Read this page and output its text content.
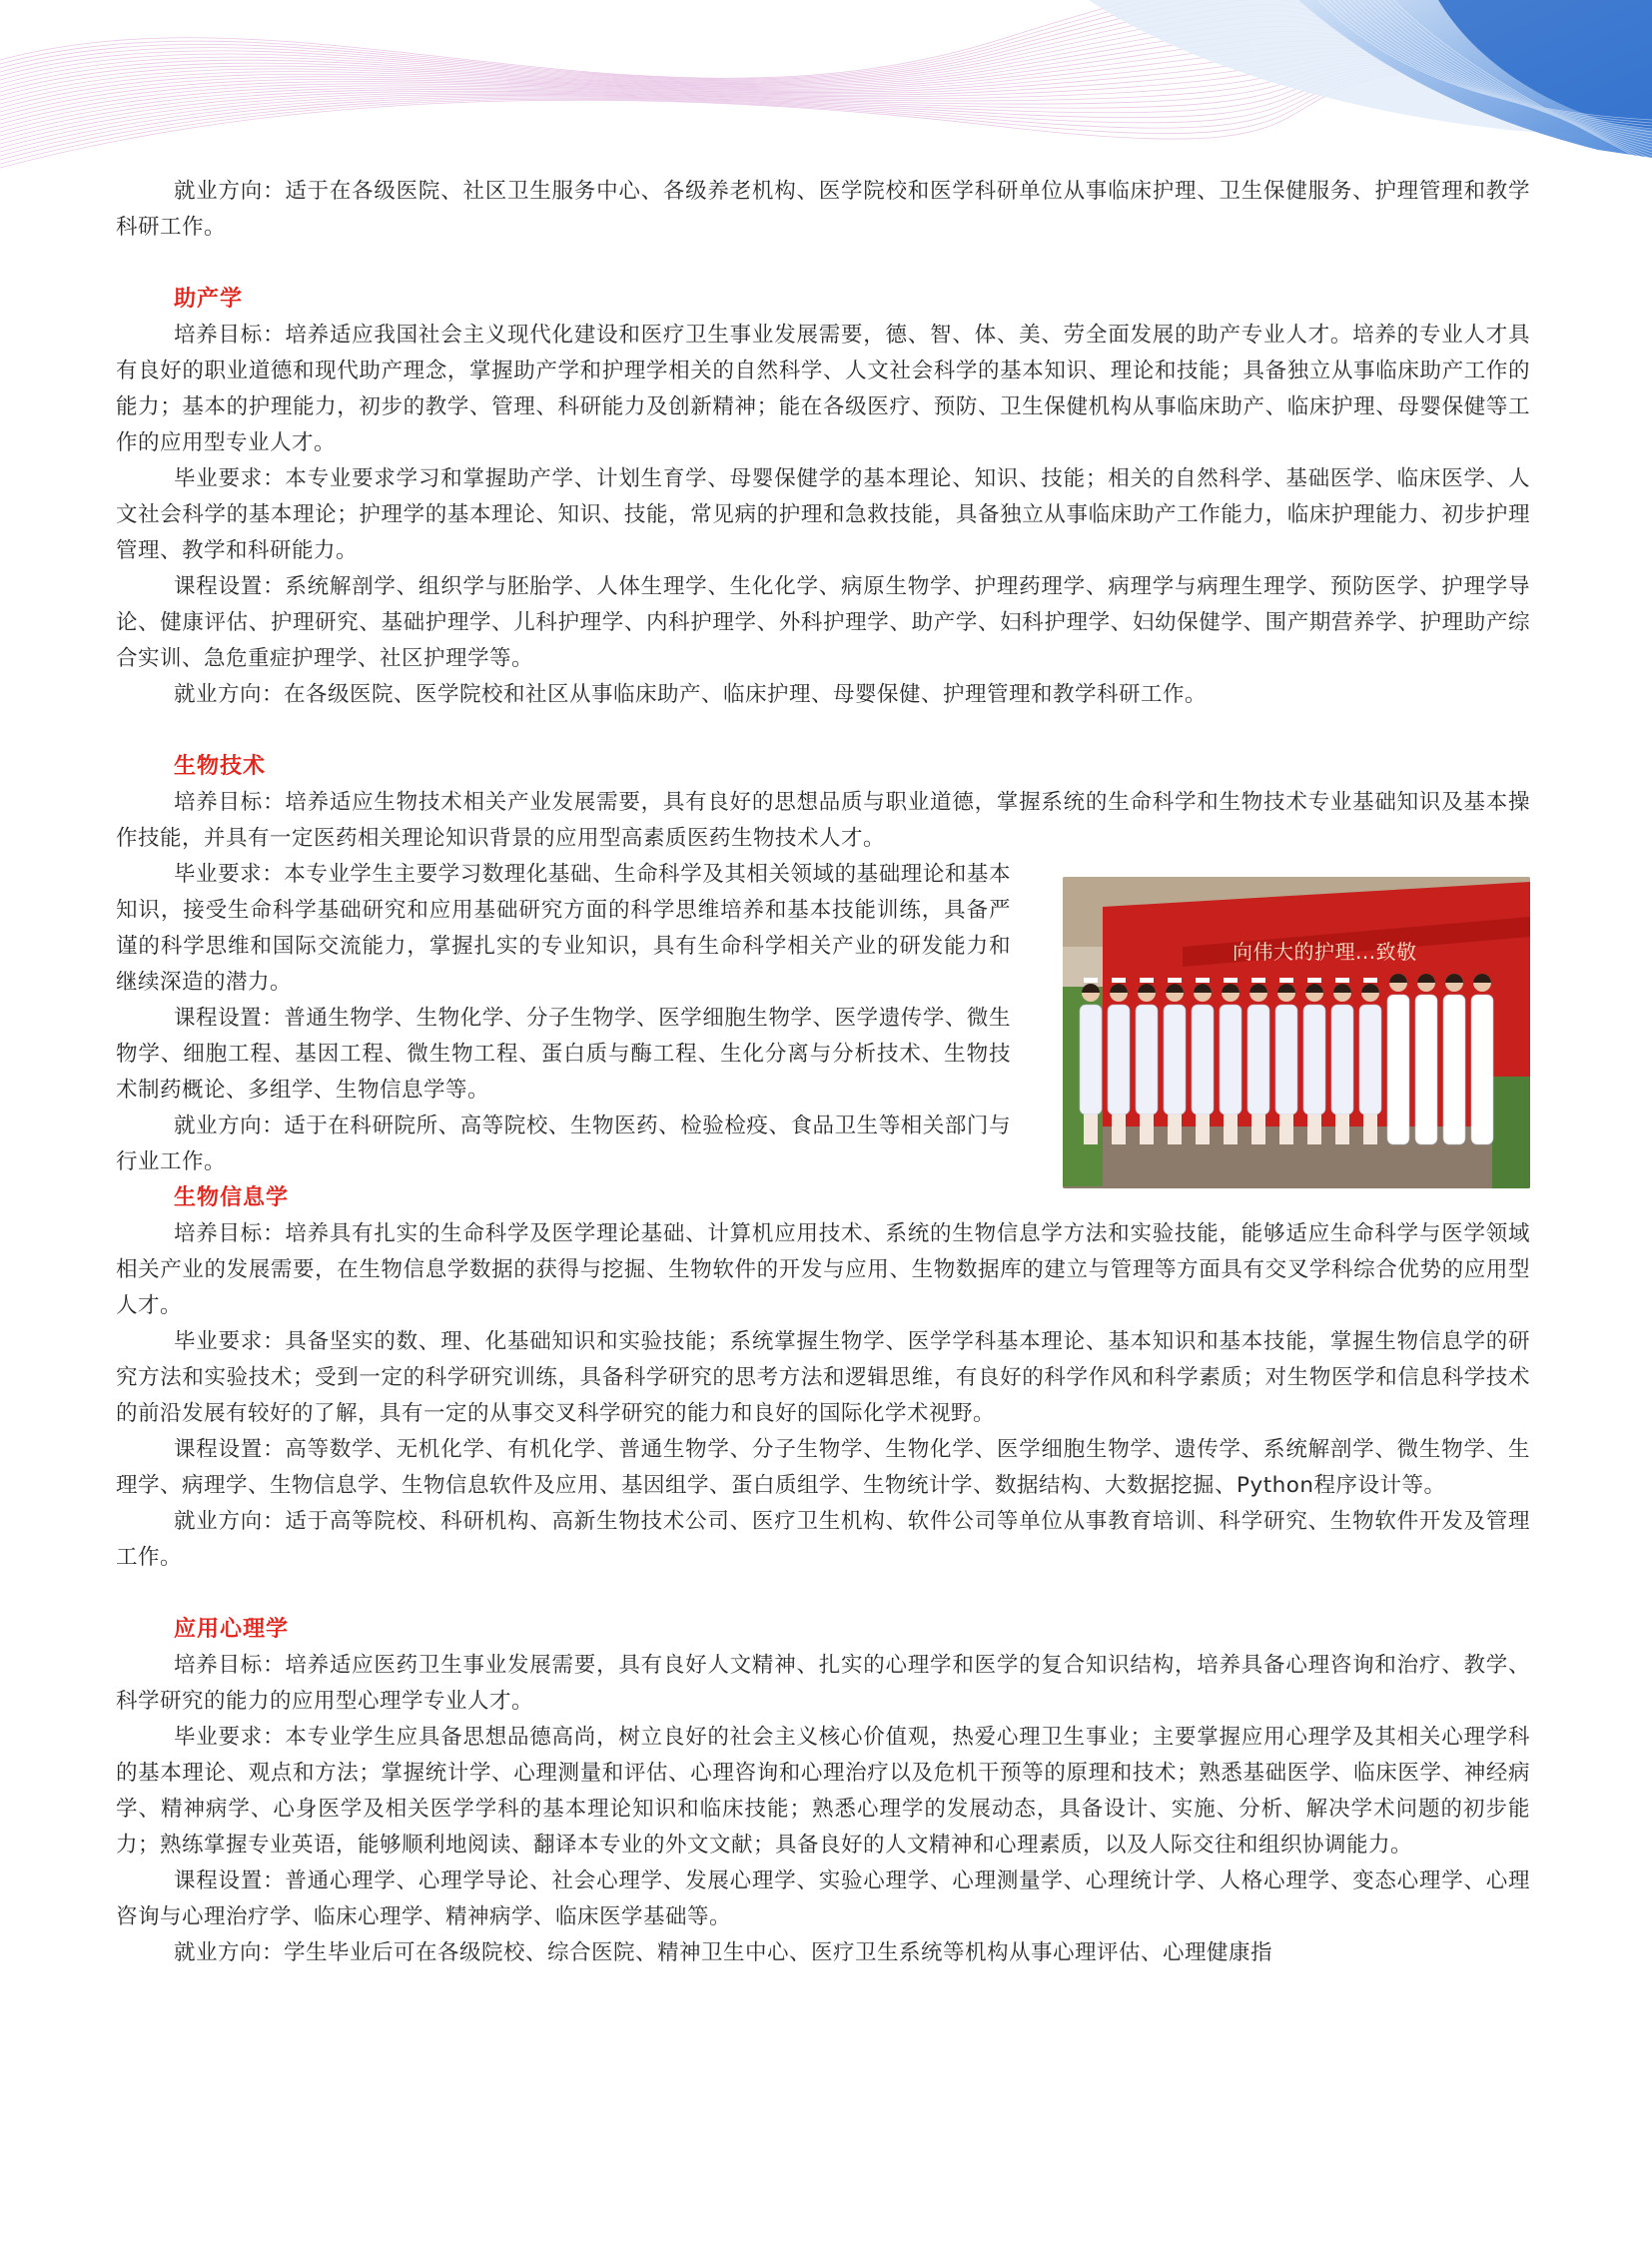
就业方向：适于在各级医院、社区卫生服务中心、各级养老机构、医学院校和医学科研单位从事临床护理、卫生保健服务、护理管理和教学科研工作。

助产学

培养目标：培养适应我国社会主义现代化建设和医疗卫生事业发展需要，德、智、体、美、劳全面发展的助产专业人才。培养的专业人才具有良好的职业道德和现代助产理念，掌握助产学和护理学相关的自然科学、人文社会科学的基本知识、理论和技能；具备独立从事临床助产工作的能力；基本的护理能力，初步的教学、管理、科研能力及创新精神；能在各级医疗、预防、卫生保健机构从事临床助产、临床护理、母婴保健等工作的应用型专业人才。

毕业要求：本专业要求学习和掌握助产学、计划生育学、母婴保健学的基本理论、知识、技能；相关的自然科学、基础医学、临床医学、人文社会科学的基本理论；护理学的基本理论、知识、技能，常见病的护理和急救技能，具备独立从事临床助产工作能力，临床护理能力、初步护理管理、教学和科研能力。

课程设置：系统解剖学、组织学与胚胎学、人体生理学、生化化学、病原生物学、护理药理学、病理学与病理生理学、预防医学、护理学导论、健康评估、护理研究、基础护理学、儿科护理学、内科护理学、外科护理学、助产学、妇科护理学、妇幼保健学、围产期营养学、护理助产综合实训、急危重症护理学、社区护理学等。

就业方向：在各级医院、医学院校和社区从事临床助产、临床护理、母婴保健、护理管理和教学科研工作。

生物技术

培养目标：培养适应生物技术相关产业发展需要，具有良好的思想品质与职业道德，掌握系统的生命科学和生物技术专业基础知识及基本操作技能，并具有一定医药相关理论知识背景的应用型高素质医药生物技术人才。

向伟大的护理...致敬

毕业要求：本专业学生主要学习数理化基础、生命科学及其相关领域的基础理论和基本知识，接受生命科学基础研究和应用基础研究方面的科学思维培养和基本技能训练，具备严谨的科学思维和国际交流能力，掌握扎实的专业知识，具有生命科学相关产业的研发能力和继续深造的潜力。

课程设置：普通生物学、生物化学、分子生物学、医学细胞生物学、医学遗传学、微生物学、细胞工程、基因工程、微生物工程、蛋白质与酶工程、生化分离与分析技术、生物技术制药概论、多组学、生物信息学等。

就业方向：适于在科研院所、高等院校、生物医药、检验检疫、食品卫生等相关部门与行业工作。

生物信息学

培养目标：培养具有扎实的生命科学及医学理论基础、计算机应用技术、系统的生物信息学方法和实验技能，能够适应生命科学与医学领域相关产业的发展需要，在生物信息学数据的获得与挖掘、生物软件的开发与应用、生物数据库的建立与管理等方面具有交叉学科综合优势的应用型人才。

毕业要求：具备坚实的数、理、化基础知识和实验技能；系统掌握生物学、医学学科基本理论、基本知识和基本技能，掌握生物信息学的研究方法和实验技术；受到一定的科学研究训练，具备科学研究的思考方法和逻辑思维，有良好的科学作风和科学素质；对生物医学和信息科学技术的前沿发展有较好的了解，具有一定的从事交叉科学研究的能力和良好的国际化学术视野。

课程设置：高等数学、无机化学、有机化学、普通生物学、分子生物学、生物化学、医学细胞生物学、遗传学、系统解剖学、微生物学、生理学、病理学、生物信息学、生物信息软件及应用、基因组学、蛋白质组学、生物统计学、数据结构、大数据挖掘、Python程序设计等。

就业方向：适于高等院校、科研机构、高新生物技术公司、医疗卫生机构、软件公司等单位从事教育培训、科学研究、生物软件开发及管理工作。

应用心理学

培养目标：培养适应医药卫生事业发展需要，具有良好人文精神、扎实的心理学和医学的复合知识结构，培养具备心理咨询和治疗、教学、科学研究的能力的应用型心理学专业人才。

毕业要求：本专业学生应具备思想品德高尚，树立良好的社会主义核心价值观，热爱心理卫生事业；主要掌握应用心理学及其相关心理学科的基本理论、观点和方法；掌握统计学、心理测量和评估、心理咨询和心理治疗以及危机干预等的原理和技术；熟悉基础医学、临床医学、神经病学、精神病学、心身医学及相关医学学科的基本理论知识和临床技能；熟悉心理学的发展动态，具备设计、实施、分析、解决学术问题的初步能力；熟练掌握专业英语，能够顺利地阅读、翻译本专业的外文文献；具备良好的人文精神和心理素质，以及人际交往和组织协调能力。

课程设置：普通心理学、心理学导论、社会心理学、发展心理学、实验心理学、心理测量学、心理统计学、人格心理学、变态心理学、心理咨询与心理治疗学、临床心理学、精神病学、临床医学基础等。

就业方向：学生毕业后可在各级院校、综合医院、精神卫生中心、医疗卫生系统等机构从事心理评估、心理健康指
